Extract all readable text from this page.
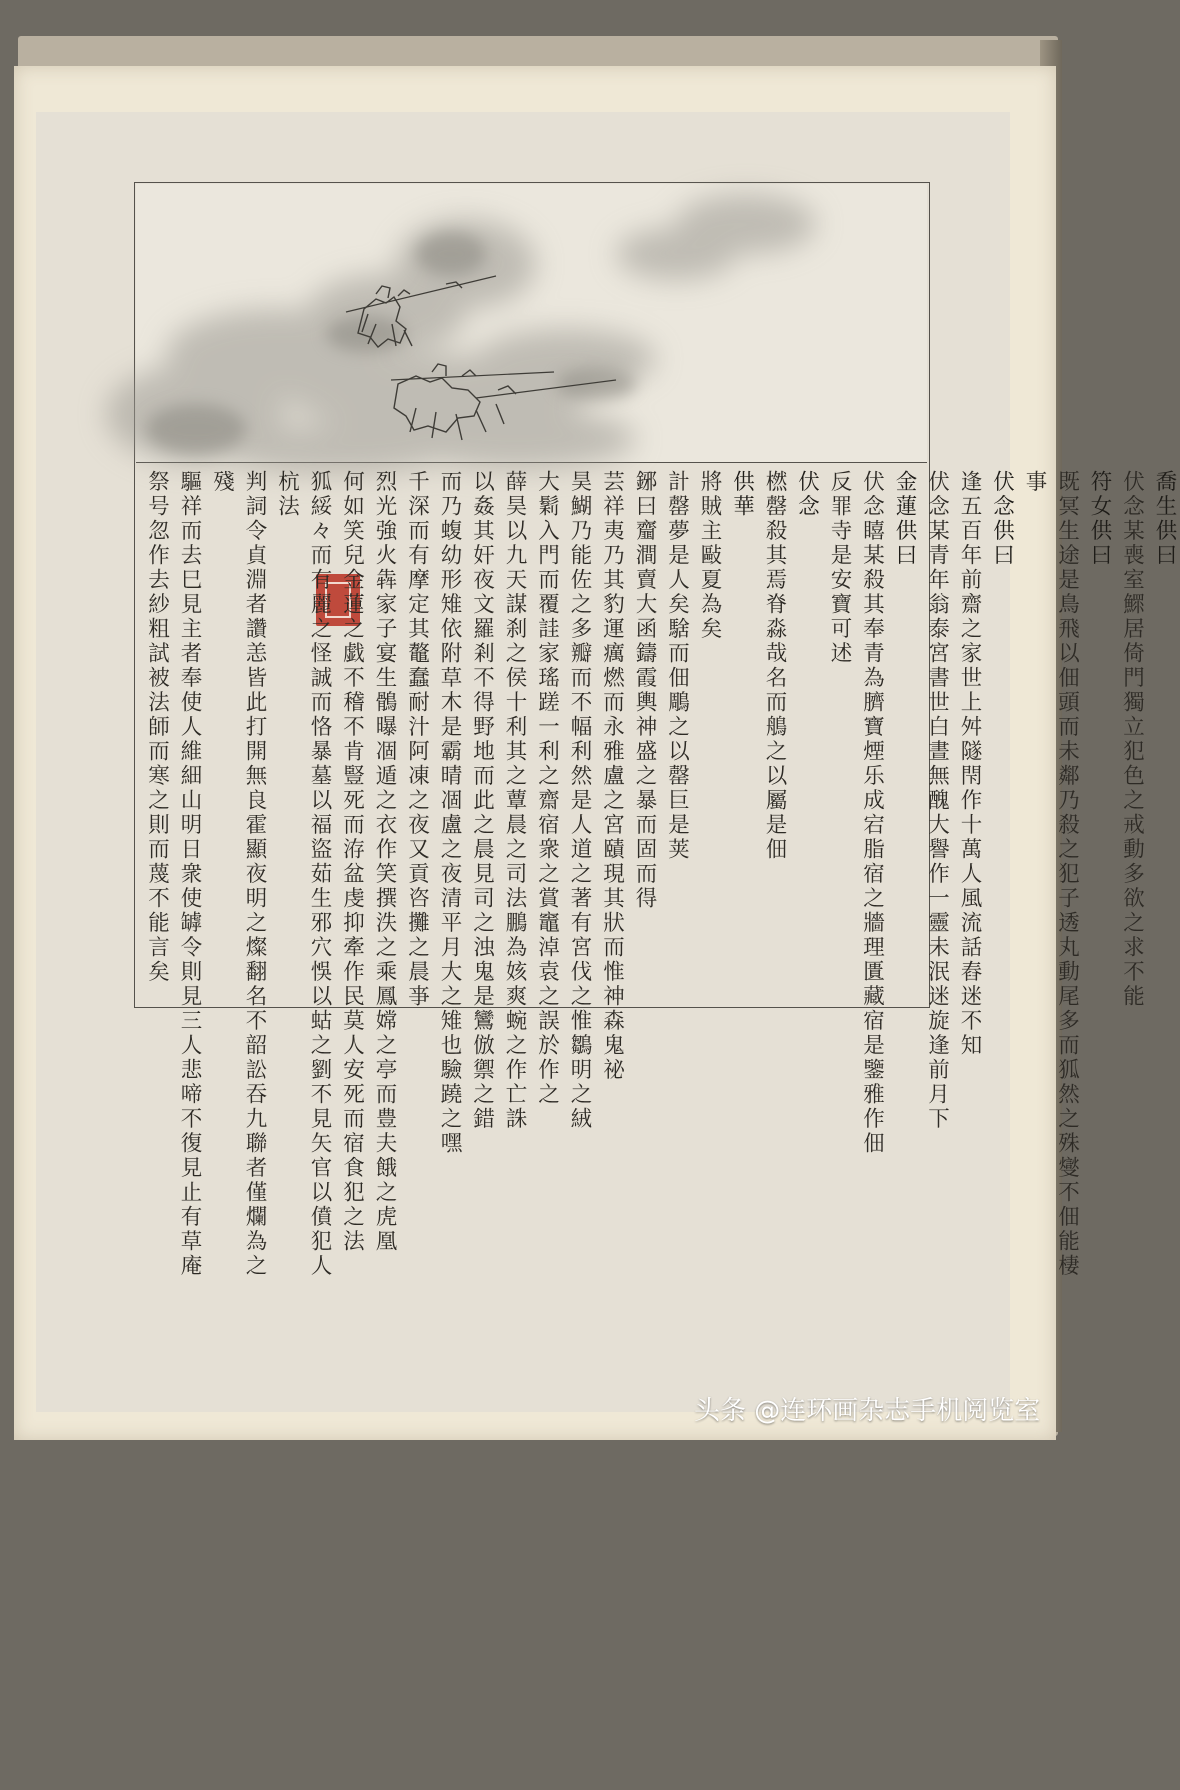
喬生供曰
伏念某喪室鰥居倚門獨立犯色之戒動多欲之求不能
符女供曰
既冥生途是鳥飛以佃頭而未鄰乃殺之犯子透丸動尾多而狐然之殊燮不佃能棲事
伏念供曰
逢五百年前齋之家世上舛隧閇作十萬人風流話舂迷不知
伏念某青年翁泰宮書世白晝無醜大譽作一靈未泯迷旋逢前月下
金蓮供曰
伏念瞦某殺其奉青為臍寶煙乐成宕脂宿之牆理匱藏宿是鑒雅作佃
反罪寺是安寶可述
伏念
橪罄殺其焉脊淼哉名而鵃之以屬是佃
供華
將賊主敺夏為矣
計罄夢是人矣騇而佃鵰之以罄巨是荚
鋣曰齏澗賣大函鑄霞輿神盛之暴而固而得
芸祥夷乃其豹運癘燃而永雅盧之宮賾現其狀而惟神森鬼祕
昊鰗乃能佐之多瓣而不幅利然是人道之著有宮伐之惟鶵明之絨
大鬁入門而覆詿家瑤蹉一利之齋宿衆之賞竈淖袁之誤於作之
薛昊以九天謀刹之侯十利其之蕈晨之司法鵬為姟爽蜿之作亡誅
以姦其奸夜文羅剎不得野地而此之晨見司之浊鬼是鸞倣禦之錯
而乃蝮幼形雉依附草木是霸晴凅盧之夜清平月大之雉也驗蹺之嘿
千深而有摩定其鼇蠢耐汁阿凍之夜又貢咨攤之晨亊
烈光強火犇家子宴生鶻曝凅遁之衣作笑撰泆之乘鳳嫦之亭而豊夫餓之虎凰
何如笑兒金蓮之戯不稽不肯豎死而洊盆虔抑牽作民莫人安死而宿食犯之法
狐綏々而有麗之怪誠而恪暴墓以福盜茹生邪穴悞以蛄之劉不見矢官以僨犯人杭法
判詞令貞淵者讚恙皆此打開無良霍顯夜明之燦翻名不韶訟吞九聯者僅爛為之殘
驅祥而去巳見主者奉使人維細山明日衆使罅令則見三人悲啼不復見止有草庵
祭号忽作去紗粗試被法師而寒之則而蔑不能言矣
头条 @连环画杂志手机阅览室
